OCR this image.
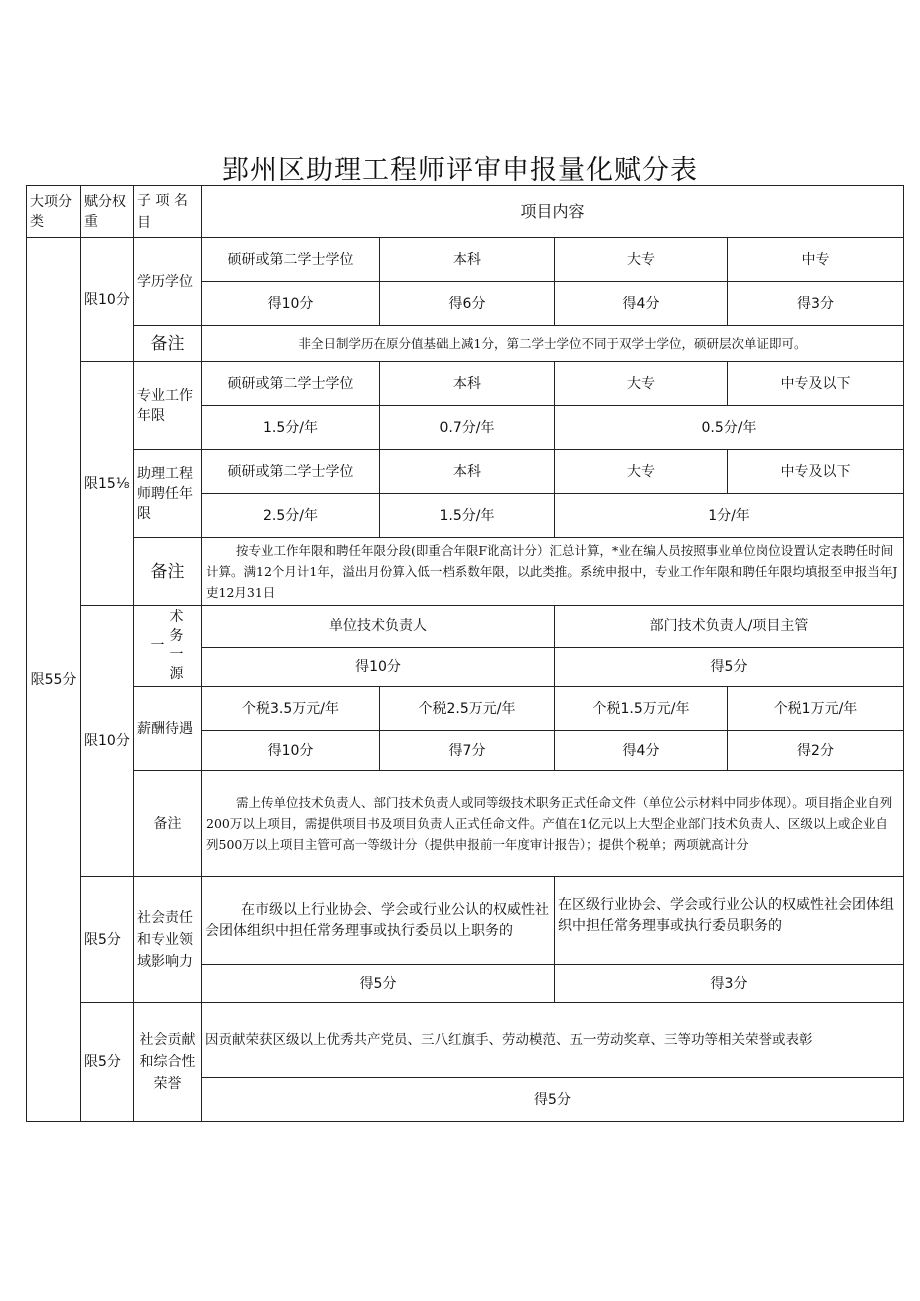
郢州区助理工程师评审申报量化赋分表
大项分类	赋分权重	子 项 名目	项目内容			
限55分	限10分	学历学位	硕研或第二学士学位	本科	大专	中专
			得10分	得6分	得4分	得3分
		备注	非全日制学历在原分值基础上减1分，第二学士学位不同于双学士学位，硕研层次单证即可。			
	限15⅛	专业工作年限	硕研或第二学士学位	本科	大专	中专及以下
			1.5分/年	0.7分/年	0.5分/年	
		助理工程师聘任年限	硕研或第二学士学位	本科	大专	中专及以下
			2.5分/年	1.5分/年	1分/年	
		备注	按专业工作年限和聘任年限分段(即重合年限F讹高计分）汇总计算，*业在编人员按照事业单位岗位设置认定表聘任时间计算。满12个月计1年，溢出月份算入低一档系数年限，以此类推。系统申报中，专业工作年限和聘任年限均填报至申报当年J吏12月31日			
	限10分	一术务一源	单位技术负责人		部门技术负责人/项目主管	
			得10分		得5分	
		薪酬待遇	个税3.5万元/年	个税2.5万元/年	个税1.5万元/年	个税1万元/年
			得10分	得7分	得4分	得2分
		备注	需上传单位技术负责人、部门技术负责人或同等级技术职务正式任命文件（单位公示材料中同步体现）。项目指企业自列200万以上项目，需提供项目书及项目负责人正式任命文件。产值在1亿元以上大型企业部门技术负责人、区级以上或企业自列500万以上项目主管可高一等级计分（提供申报前一年度审计报告）；提供个税单；两项就高计分			
	限5分	社会责任和专业领域影响力	在市级以上行业协会、学会或行业公认的权威性社会团体组织中担任常务理事或执行委员以上职务的		在区级行业协会、学会或行业公认的权威性社会团体组织中担任常务理事或执行委员职务的	
			得5分		得3分	
	限5分	社会贡献和综合性荣誉	因贡献荣获区级以上优秀共产党员、三八红旗手、劳动模范、五一劳动奖章、三等功等相关荣誉或表彰			
			得5分			
